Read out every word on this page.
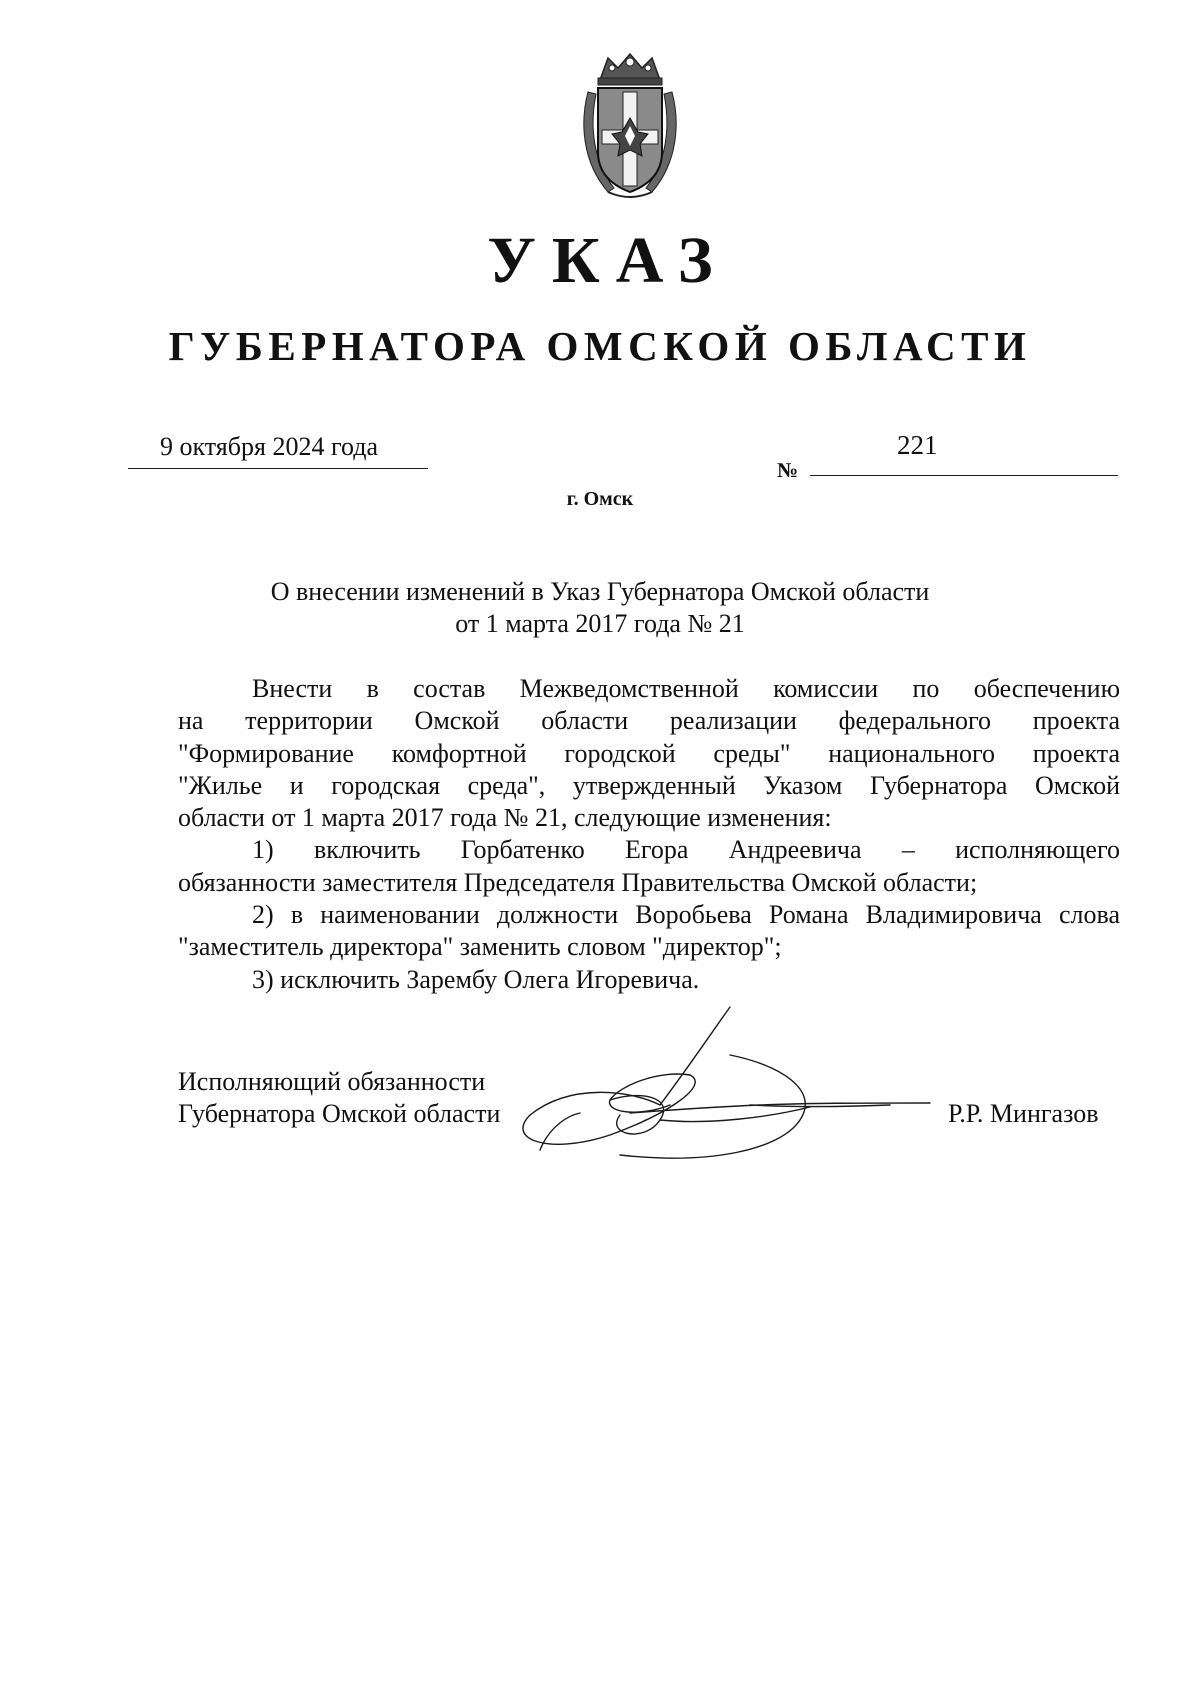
УКАЗ
ГУБЕРНАТОРА ОМСКОЙ ОБЛАСТИ
9 октября 2024 года
№
221
г. Омск
О внесении изменений в Указ Губернатора Омской области
от 1 марта 2017 года № 21
Внести в состав Межведомственной комиссии по обеспечению
на территории Омской области реализации федерального проекта
"Формирование комфортной городской среды" национального проекта
"Жилье и городская среда", утвержденный Указом Губернатора Омской
области от 1 марта 2017 года № 21, следующие изменения:
1) включить Горбатенко Егора Андреевича – исполняющего
обязанности заместителя Председателя Правительства Омской области;
2) в наименовании должности Воробьева Романа Владимировича слова
"заместитель директора" заменить словом "директор";
3) исключить Зарембу Олега Игоревича.
Исполняющий обязанности
Губернатора Омской области	Р.Р. Мингазов
